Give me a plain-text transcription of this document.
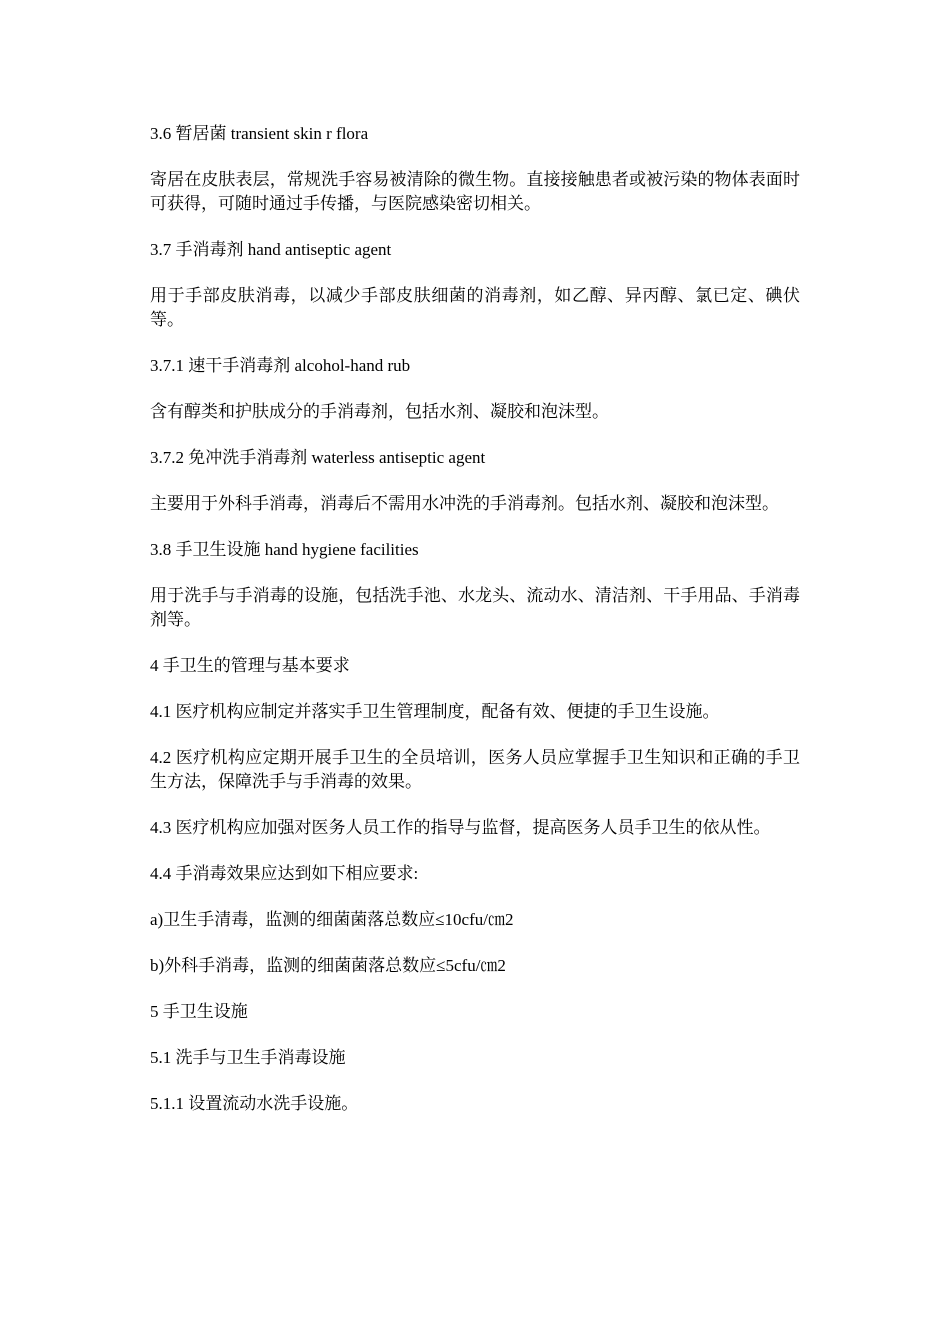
3.6 暂居菌 transient skin r flora

寄居在皮肤表层，常规洗手容易被清除的微生物。直接接触患者或被污染的物体表面时可获得，可随时通过手传播，与医院感染密切相关。

3.7 手消毒剂 hand antiseptic agent

用于手部皮肤消毒，以减少手部皮肤细菌的消毒剂，如乙醇、异丙醇、氯已定、碘伏等。

3.7.1 速干手消毒剂 alcohol-hand rub

含有醇类和护肤成分的手消毒剂，包括水剂、凝胶和泡沫型。

3.7.2 免冲洗手消毒剂 waterless antiseptic agent

主要用于外科手消毒，消毒后不需用水冲洗的手消毒剂。包括水剂、凝胶和泡沫型。

3.8 手卫生设施 hand hygiene facilities

用于洗手与手消毒的设施，包括洗手池、水龙头、流动水、清洁剂、干手用品、手消毒剂等。

4 手卫生的管理与基本要求

4.1 医疗机构应制定并落实手卫生管理制度，配备有效、便捷的手卫生设施。

4.2 医疗机构应定期开展手卫生的全员培训，医务人员应掌握手卫生知识和正确的手卫生方法，保障洗手与手消毒的效果。

4.3 医疗机构应加强对医务人员工作的指导与监督，提高医务人员手卫生的依从性。

4.4 手消毒效果应达到如下相应要求:

a)卫生手清毒，监测的细菌菌落总数应≤10cfu/㎝2

b)外科手消毒，监测的细菌菌落总数应≤5cfu/㎝2

5 手卫生设施

5.1 洗手与卫生手消毒设施

5.1.1 设置流动水洗手设施。
